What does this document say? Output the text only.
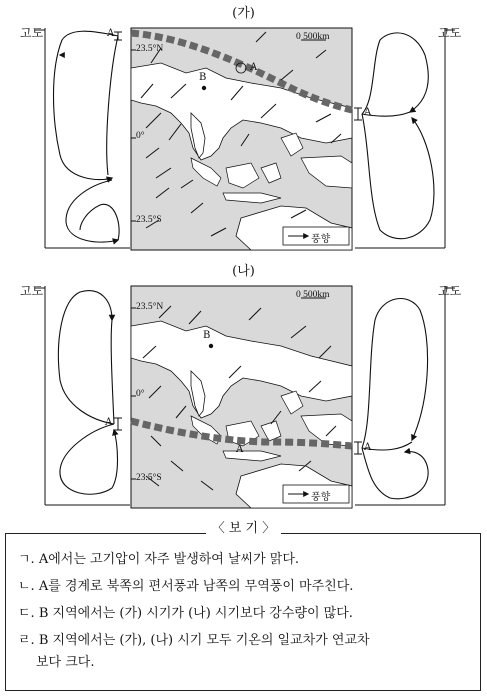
(가)
고도	고도
A
23.5°N
0°
23.5°S
0 500km
B
A
풍향
A
(나)
고도	고도
A
23.5°N
0°
23.5°S
0 500km
B
A
풍향
A
〈 보 기 〉
ㄱ. A에서는 고기압이 자주 발생하여 날씨가 맑다.
ㄴ. A를 경계로 북쪽의 편서풍과 남쪽의 무역풍이 마주친다.
ㄷ. B 지역에서는 (가) 시기가 (나) 시기보다 강수량이 많다.
ㄹ. B 지역에서는 (가), (나) 시기 모두 기온의 일교차가 연교차
보다 크다.
